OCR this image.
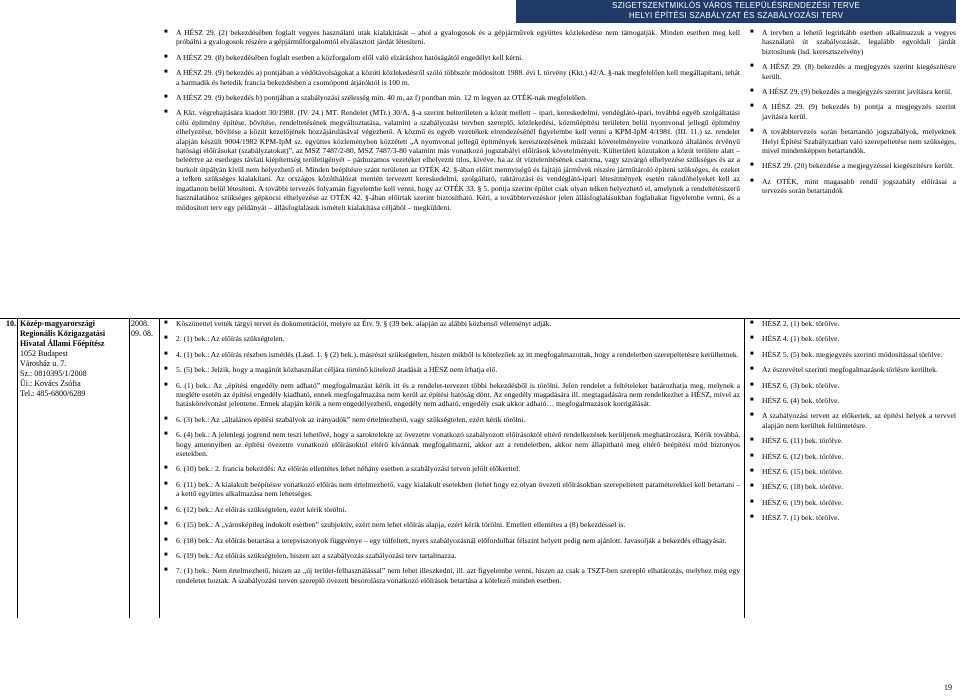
SZIGETSZENTMIKLÓS VÁROS TELEPÜLÉSRENDEZÉSI TERVE
HELYI ÉPÍTÉSI SZABÁLYZAT ÉS SZABÁLYOZÁSI TERV
■ A HÉSZ 29. (2) bekezdésében foglalt vegyes használatú utak kialakítását – ahol a gyalogosok és a gépjárművek együttes közlekedése nem támogatják. Minden esetben meg kell próbálni a gyalogosok részére a gépjárműforgalomtól elválasztott járdát létesíteni.
■ A HÉSZ 29. (8) bekezdésében foglalt esetben a közforgalom elől való elzáráshoz hatóságától engedélyt kell kérni.
■ A HÉSZ 29. (9) bekezdés a) pontjában a védőtávolságokat a közúti közlekedésről szóló többször módosított 1988. évi I. törvény (Kkt.) 42/A. §-nak megfelelően kell megállapítani, tehát a harmadik és hetedik francia bekezdésben a csomóponti átjáróktól is 100 m.
■ A HÉSZ 29. (9) bekezdés b) pontjában a szabályozási szélesség min. 40 m, az f) pontban min. 12 m legyen az OTÉK-nak megfelelően.
■ A Kkt. végrehajtására kiadott 30/1988. (IV. 24.) MT. Rendelet (MTr.) 30/A. §-a szerint belterületen a közút mellett – ipari, kereskedelmi, vendéglátó-ipari, továbbá egyéb szolgáltatási célú építmény építése, bővítése, rendeltetésének megváltoztatása, valamint a szabályozási tervben szereplő, közlekedési, közműépítési területen belül nyomvonal jellegű építmény elhelyezése, bővítése a közút kezelőjének hozzájárulásával végezhető. A közmű és egyéb vezetékek elrendezésénél figyelembe kell venni a KPM-IpM 4/1981. (III. 11.) sz. rendelet alapján készült 9004/1982 KPM-IpM sz. együttes közleményben közzétett „A nyomvonal jellegű építmények keresztezésének műszaki követelményeire vonatkozó általános érvényű hatósági előírásokat (szabályzatokat)”, az MSZ 7487/2-80, MSZ 7487/3-80 valamint más vonatkozó jogszabályi előírások követelményeit. Külterületi közutakon a közút területe alatt – beleértve az esetleges távlati kiépítettség területigényét – párhuzamos vezetéket elhelyezni tilos, kivéve, ha az út víztelenítésének csatorna, vagy szivárgó elhelyezése szükséges és az a burkolt útpályán kívül nem helyezhető el. Minden beépítésre szánt területen az OTÉK 42. §-ában előírt mennyiségű és fajtájú járművek részére járműtároló építeni szükséges, és ezeket a telken szükséges kialakítani. Az országos közúthálózat mentén tervezett kereskedelmi, szolgáltató, raktározási és vendéglátó-ipari létesítmények esetén rakodóhelyeket kell az ingatlanon belül létesíteni. A további tervezés folyamán figyelembe kell venni, hogy az OTÉK 33. § 5. pontja szerint épület csak olyan telken helyezhető el, amelynek a rendeltetésszerű használatához szükséges gépkocsi elhelyezése az OTÉK 42. §-ában előírtak szerint biztosítható. Kéri, a továbbtervezéskor jelen állásfoglalásukban foglaltakat figyelembe venni, és a módosított terv egy példányát – állásfoglalásuk ismételt kialakítása céljából – megküldeni.
■ A tervben a lehető legritkább esetben alkalmazzuk a vegyes használatú út szabályozását, legalább egyoldali járdát biztosítunk (lsd. keresztszelvény)
■ A HÉSZ 29. (8) bekezdés a megjegyzés szerint kiegészítésre került.
■ A HÉSZ 29. (9) bekezdés a megjegyzés szerint javításra kerül.
■ A HÉSZ 29. (9) bekezdés b) pontja a megjegyzés szerint javításra kerül.
■ A továbbtervezés során betartandó jogszabályok, melyeknek Helyi Építési Szabályzatban való szerepeltetése nem szükséges, mivel mindenképpen betartandók.
■ HÉSZ 29. (20) bekezdése a megjegyzéssel kiegészítésre került.
■ Az OTÉK, mint magasabb rendű jogszabály előírásai a tervezés során betartandók
10. Közép-magyarországi
Regionális Közigazgatási
Hivatal Állami Főépítész
1052 Budapest
Városház u. 7.
Sz.: 0810395/1/2008
Üi.: Kovács Zsófia
Tel.: 485-6800/6289
2008.
09. 08.
■ Köszönettel vették tárgyi tervet és dokumentációt, melyre az Étv. 9. § (39 bek. alapján az alábbi közbenső véleményt adják.
■ 2. (1) bek.: Az előírás szükségtelen.
■ 4. (1) bek.: Az előírás részben ismétlés (Lásd. 1. § (2) bek.), másrészt szükségtelen, hiszen mikből is kötelezőek az itt megfogalmazottak, hogy a rendeletben szerepeltetésre kerülhetnek.
■ 5. (5) bek.: Jelzik, hogy a magánút közhasználat céljára történő kötelező átadását a HÉSZ nem írhatja elő.
■ 6. (1) bek.: Az „építési engedély nem adható” megfogalmazást kérik itt és a rendelet-tervezet többi bekezdésből is törölni. Jelen rendelet a feltételeket határozhatja meg, melynek a megléte esetén az építési engedély kiadható, ennek megfogalmazása nem kerül az építési hatóság dönt. Az engedély magadására ill. megtagadására nem rendelkezhet a HÉSZ, mivel az hatáskörelvonást jelentene. Ennek alapján kérik a nem engedélyezhető, engedély nem adható, engedély csak akkor adható… megfogalmazások korrigálását.
■ 6. (3) bek.: Az „általános építési szabályok az irányadók” nem értelmezhető, vagy szükségtelen, ezért kérik törölni.
■ 6. (4) bek.: A jelenlegi jogrend nem teszi lehetővé, hogy a saroktelekre az övezetre vonatkozó szabályozott előírásoktól eltérő rendelkezések kerüljenek meghatározásra. Kérik továbbá, hogy amennyiben az építési övezetre vonatkozó előírásoktól eltérő kívánnak megfogalmazni, akkor azt a rendeletben, akkor nem állapítható meg eltérő beépítési mód biztonyos esetekben.
■ 6. (10) bek.: 2. francia bekezdés: Az előírás ellentétes lehet néhány esetben a szabályozási terven jelölt előkerttel.
■ 6. (11) bek.: A kialakult beépítésre vonatkozó előírás nem értelmezhető, vagy kialakult esetekben (lehet hogy ez olyan övezeti előírásokban szerepeltetett paraméterekkel kell betartani – a kettő együttes alkalmazása nem lehetséges.
■ 6. (12) bek.: Az előírás szükségtelen, ezért kérik törölni.
■ 6. (15) bek.: A „városképileg indokolt esetben” szubjektív, ezért nem lehet előírás alapja, ezért kérik törölni. Emellett ellentétes a (8) bekezdéssel is.
■ 6. (18) bek.: Az előírás betartása a terepviszonyok függvénye – egy túlfeltett, nyers szabályozásnál előfordulhat félszint helyett pedig nem ajánlott. Javasolják a bekezdés elhagyását.
■ 6. (19) bek.: Az előírás szükségtelen, hiszen azt a szabályozás szabályozási terv tartalmazza.
■ 7. (1) bek.: Nem értelmezhető, hiszen az „új terület-felhasználással” nem lehet illeszkedni, ill. azt figyelembe venni, hiszen az csak a TSZT-ben szereplő elhatározás, melyhez még egy rendeletet hoztak. A szabályozási terven szereplő övezeti besorolásra vonatkozó előírások betartása a kötelező minden esetben.
■ HÉSZ 2. (1) bek. törölve.
■ HÉSZ 4. (1) bek. törölve.
■ HÉSZ 5. (5) bek. megjegyzés szerinti módosítással törölve.
■ Az észrevétel szerinti megfogalmazások törlésre kerültek.
■ HÉSZ 6. (3) bek. törölve.
■ HÉSZ 6. (4) bek. törölve.
■ A szabályozási terven az előkertek, az építési helyek a tervvel alapján nem kerültek feltüntetésre.
■ HÉSZ 6. (11) bek. törölve.
■ HÉSZ 6. (12) bek. törölve.
■ HÉSZ 6. (15) bek. törölve.
■ HÉSZ 6. (18) bek. törölve.
■ HÉSZ 6. (19) bek. törölve.
■ HÉSZ 7. (1) bek. törölve.
19
